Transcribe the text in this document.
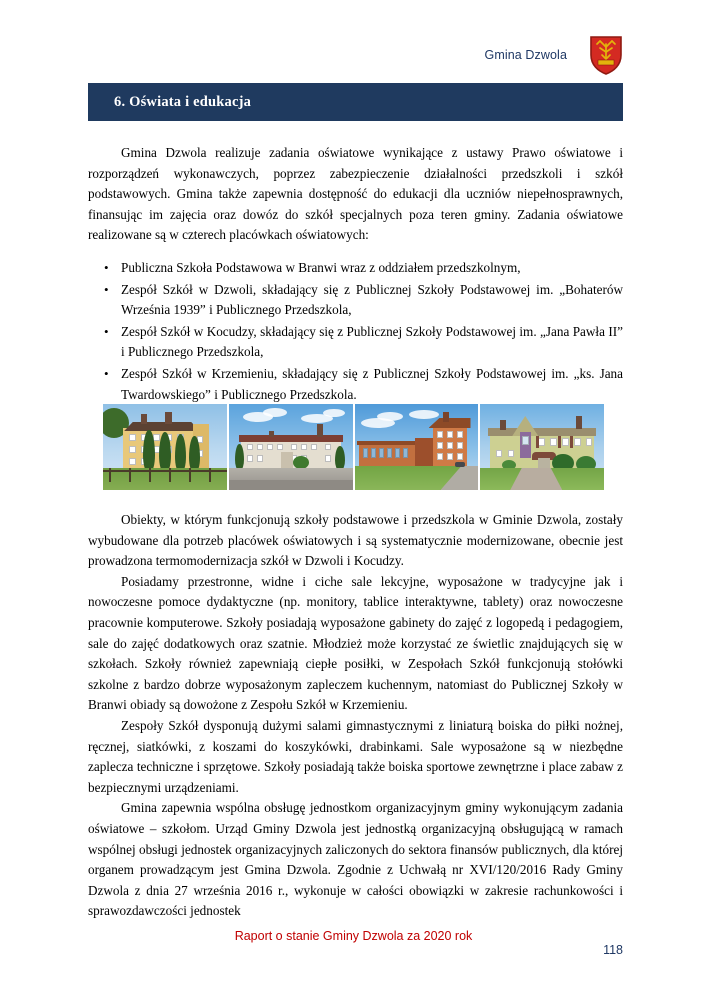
Gmina Dzwola
6. Oświata i edukacja

Gmina Dzwola realizuje zadania oświatowe wynikające z ustawy Prawo oświatowe i rozporządzeń wykonawczych, poprzez zabezpieczenie działalności przedszkoli i szkół podstawowych. Gmina także zapewnia dostępność do edukacji dla uczniów niepełnosprawnych, finansując im zajęcia oraz dowóz do szkół specjalnych poza teren gminy. Zadania oświatowe realizowane są w czterech placówkach oświatowych:

• Publiczna Szkoła Podstawowa w Branwi wraz z oddziałem przedszkolnym,
• Zespół Szkół w Dzwoli, składający się z Publicznej Szkoły Podstawowej im. „Bohaterów Września 1939” i Publicznego Przedszkola,
• Zespół Szkół w Kocudzy, składający się z Publicznej Szkoły Podstawowej im. „Jana Pawła II” i Publicznego Przedszkola,
• Zespół Szkół w Krzemieniu, składający się z Publicznej Szkoły Podstawowej im. „ks. Jana Twardowskiego” i Publicznego Przedszkola.

Obiekty, w którym funkcjonują szkoły podstawowe i przedszkola w Gminie Dzwola, zostały wybudowane dla potrzeb placówek oświatowych i są systematycznie modernizowane, obecnie jest prowadzona termomodernizacja szkół w Dzwoli i Kocudzy.

Posiadamy przestronne, widne i ciche sale lekcyjne, wyposażone w tradycyjne jak i nowoczesne pomoce dydaktyczne (np. monitory, tablice interaktywne, tablety) oraz nowoczesne pracownie komputerowe. Szkoły posiadają wyposażone gabinety do zajęć z logopedą i pedagogiem, sale do zajęć dodatkowych oraz szatnie. Młodzież może korzystać ze świetlic znajdujących się w szkołach. Szkoły również zapewniają ciepłe posiłki, w Zespołach Szkół funkcjonują stołówki szkolne z bardzo dobrze wyposażonym zapleczem kuchennym, natomiast do Publicznej Szkoły w Branwi obiady są dowożone z Zespołu Szkół w Krzemieniu.

Zespoły Szkół dysponują dużymi salami gimnastycznymi z liniaturą boiska do piłki nożnej, ręcznej, siatkówki, z koszami do koszykówki, drabinkami. Sale wyposażone są w niezbędne zaplecza techniczne i sprzętowe. Szkoły posiadają także boiska sportowe zewnętrzne i place zabaw z bezpiecznymi urządzeniami.

Gmina zapewnia wspólna obsługę jednostkom organizacyjnym gminy wykonującym zadania oświatowe – szkołom. Urząd Gminy Dzwola jest jednostką organizacyjną obsługującą w ramach wspólnej obsługi jednostek organizacyjnych zaliczonych do sektora finansów publicznych, dla której organem prowadzącym jest Gmina Dzwola. Zgodnie z Uchwałą nr XVI/120/2016 Rady Gminy Dzwola z dnia 27 września 2016 r., wykonuje w całości obowiązki w zakresie rachunkowości i sprawozdawczości jednostek

Raport o stanie Gminy Dzwola za 2020 rok
118
